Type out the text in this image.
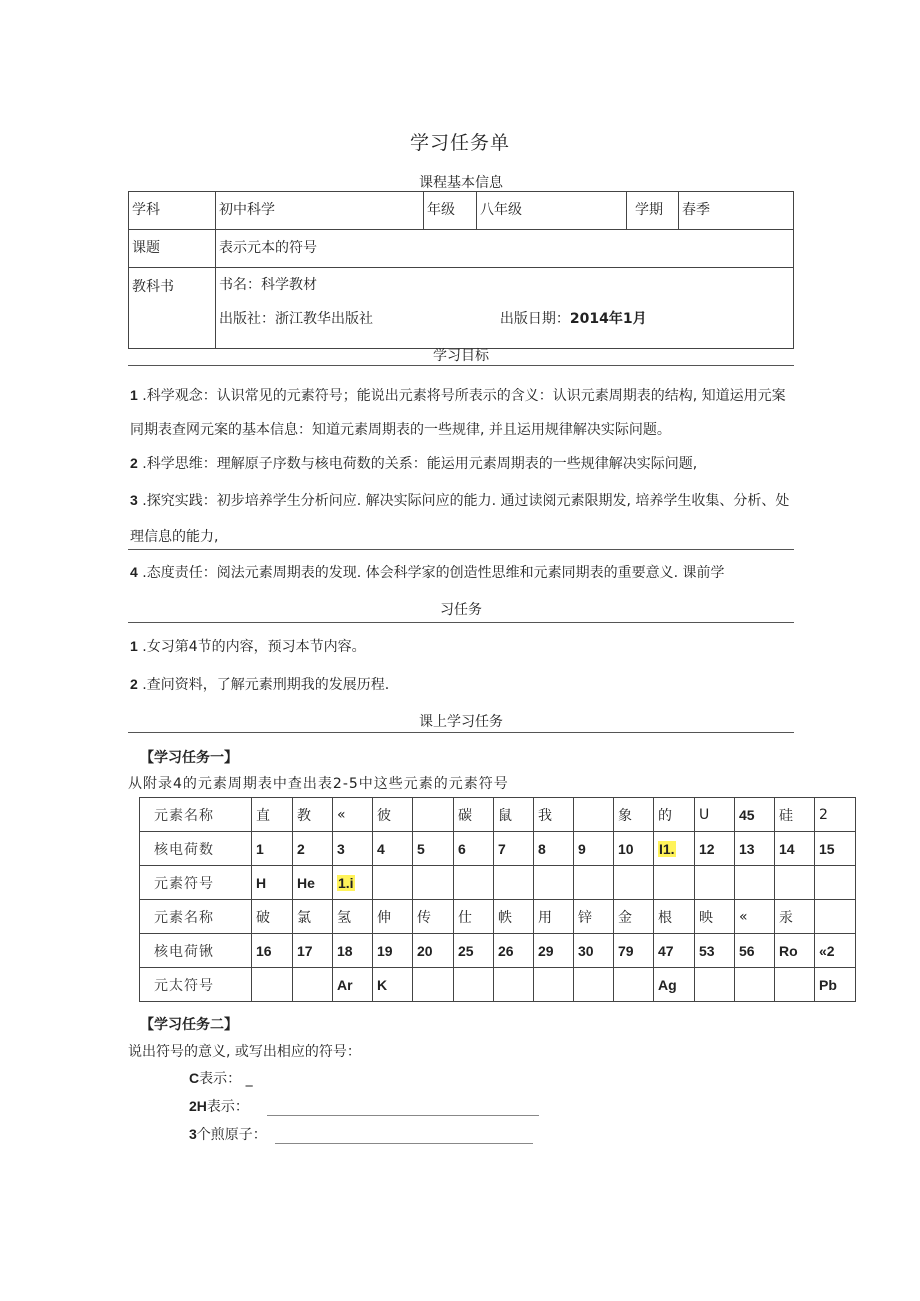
学习任务单
课程基本信息
学科	初中科学	年级	八年级	学期	春季
课题	表示元本的符号				
教科书	书名：科学教材
出版社：浙江教华出版社 出版日期：2014年1月				
学习目标
1 .科学观念：认识常见的元素符号；能说出元素将号所表示的含义：认识元素周期表的结构, 知道运用元案同期表查网元案的基本信息：知道元素周期表的一些规律, 并且运用规律解决实际问题。
2 .科学思维：理解原子序数与核电荷数的关系：能运用元素周期表的一些规律解决实际问题,
3 .探究实践：初步培养学生分析问应. 解决实际问应的能力. 通过读阅元素限期发, 培养学生收集、分析、处理信息的能力,
4 .态度责任：阅法元素周期表的发现. 体会科学家的创造性思维和元素同期表的重要意义. 课前学
习任务
1 .女习第4节的内容，预习本节内容。
2 .查问资料，了解元素刑期我的发展历程.
课上学习任务
【学习任务一】
从附录4的元素周期表中查出表2-5中这些元素的元素符号
元素名称	直	教	«	彼		碳	鼠	我		象	的	U	45	硅	2
核电荷数	1	2	3	4	5	6	7	8	9	10	I1.	12	13	14	15
元素符号	H	He	1.i												
元素名称	破	氯	氢	伸	传	仕	帙	用	锌	金	根	映	«	汞	
核电荷锹	16	17	18	19	20	25	26	29	30	79	47	53	56	Ro	«2
元太符号			Ar	K							Ag				Pb
【学习任务二】
说出符号的意义, 或写出相应的符号：
C表示： _
2H表示：
3个煎原子：
